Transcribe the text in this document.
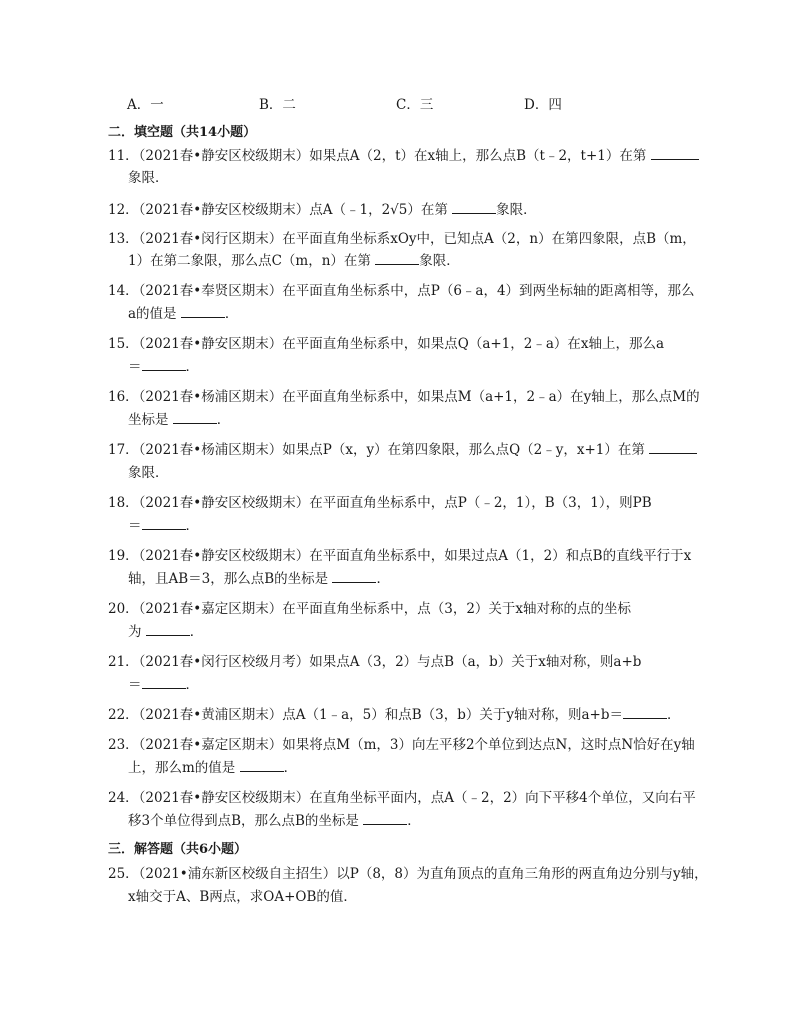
A．一	B．二	C．三	D．四
二．填空题（共14小题）
11．（2021春•静安区校级期末）如果点A（2，t）在x轴上，那么点B（t﹣2，t+1）在第
象限．
12．（2021春•静安区校级期末）点A（﹣1，2√5）在第	象限．
13．（2021春•闵行区期末）在平面直角坐标系xOy中，已知点A（2，n）在第四象限，点B（m，
1）在第二象限，那么点C（m，n）在第	象限．
14．（2021春•奉贤区期末）在平面直角坐标系中，点P（6﹣a，4）到两坐标轴的距离相等，那么
a的值是	．
15．（2021春•静安区期末）在平面直角坐标系中，如果点Q（a+1，2﹣a）在x轴上，那么a
＝	．
16．（2021春•杨浦区期末）在平面直角坐标系中，如果点M（a+1，2﹣a）在y轴上，那么点M的
坐标是	．
17．（2021春•杨浦区期末）如果点P（x，y）在第四象限，那么点Q（2﹣y，x+1）在第
象限．
18．（2021春•静安区校级期末）在平面直角坐标系中，点P（﹣2，1），B（3，1），则PB
＝	．
19．（2021春•静安区校级期末）在平面直角坐标系中，如果过点A（1，2）和点B的直线平行于x
轴，且AB＝3，那么点B的坐标是	．
20．（2021春•嘉定区期末）在平面直角坐标系中，点（3，2）关于x轴对称的点的坐标
为	．
21．（2021春•闵行区校级月考）如果点A（3，2）与点B（a，b）关于x轴对称，则a+b
＝	．
22．（2021春•黄浦区期末）点A（1﹣a，5）和点B（3，b）关于y轴对称，则a+b＝	．
23．（2021春•嘉定区期末）如果将点M（m，3）向左平移2个单位到达点N，这时点N恰好在y轴
上，那么m的值是	．
24．（2021春•静安区校级期末）在直角坐标平面内，点A（﹣2，2）向下平移4个单位，又向右平
移3个单位得到点B，那么点B的坐标是	．
三．解答题（共6小题）
25．（2021•浦东新区校级自主招生）以P（8，8）为直角顶点的直角三角形的两直角边分别与y轴，
x轴交于A、B两点，求OA+OB的值．
